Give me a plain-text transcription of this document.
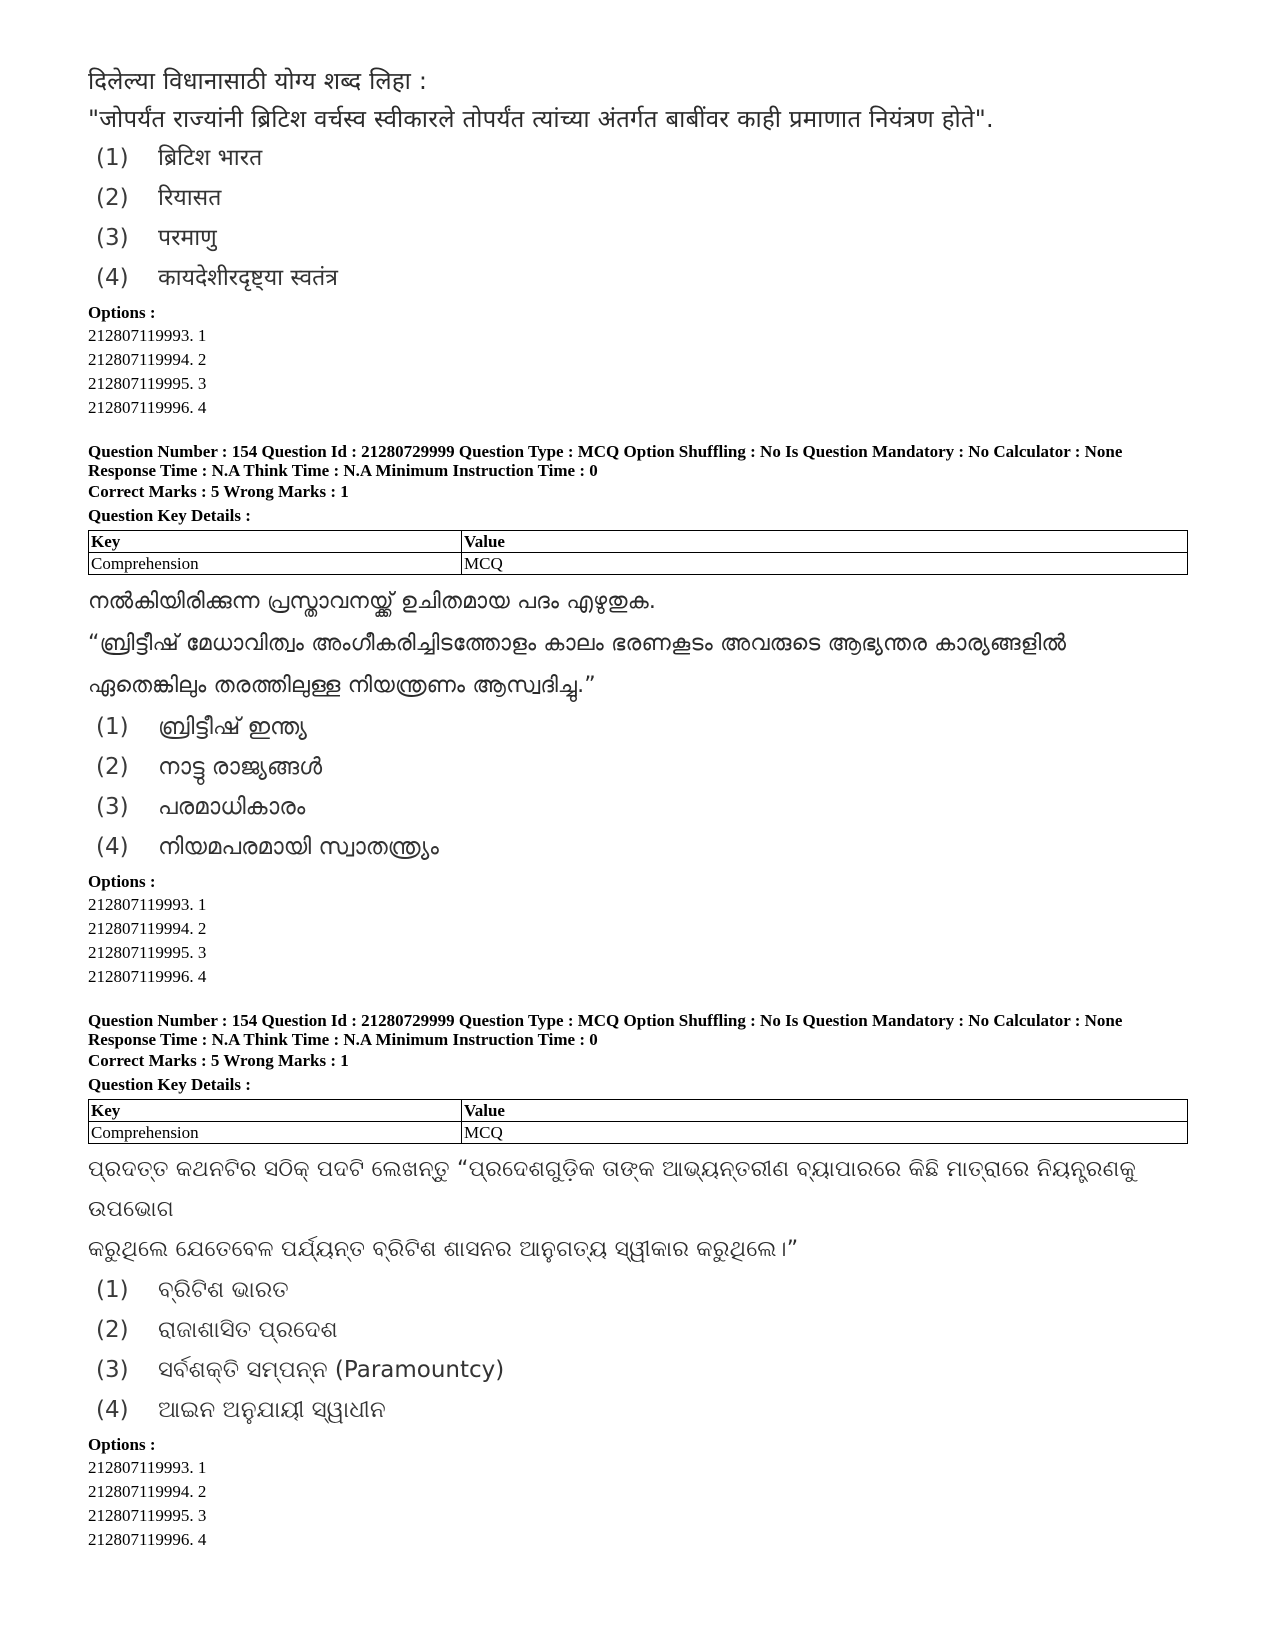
दिलेल्या विधानासाठी योग्य शब्द लिहा :
"जोपर्यंत राज्यांनी ब्रिटिश वर्चस्व स्वीकारले तोपर्यंत त्यांच्या अंतर्गत बाबींवर काही प्रमाणात नियंत्रण होते".
(1)	ब्रिटिश भारत
(2)	रियासत
(3)	परमाणु
(4)	कायदेशीरदृष्ट्या स्वतंत्र
Options :
212807119993. 1
212807119994. 2
212807119995. 3
212807119996. 4
Question Number : 154 Question Id : 21280729999 Question Type : MCQ Option Shuffling : No Is Question Mandatory : No Calculator : None
Response Time : N.A Think Time : N.A Minimum Instruction Time : 0
Correct Marks : 5 Wrong Marks : 1
Question Key Details :
Key	Value
Comprehension	MCQ
നൽകിയിരിക്കുന്ന പ്രസ്താവനയ്ക്ക് ഉചിതമായ പദം എഴുതുക.
“ബ്രിട്ടീഷ് മേധാവിത്വം അംഗീകരിച്ചിടത്തോളം കാലം ഭരണകൂടം അവരുടെ ആഭ്യന്തര കാര്യങ്ങളിൽ
ഏതെങ്കിലും തരത്തിലുള്ള നിയന്ത്രണം ആസ്വദിച്ചു.”
(1)	ബ്രിട്ടീഷ് ഇന്ത്യ
(2)	നാട്ടു രാജ്യങ്ങൾ
(3)	പരമാധികാരം
(4)	നിയമപരമായി സ്വാതന്ത്ര്യം
Options :
212807119993. 1
212807119994. 2
212807119995. 3
212807119996. 4
Question Number : 154 Question Id : 21280729999 Question Type : MCQ Option Shuffling : No Is Question Mandatory : No Calculator : None
Response Time : N.A Think Time : N.A Minimum Instruction Time : 0
Correct Marks : 5 Wrong Marks : 1
Question Key Details :
Key	Value
Comprehension	MCQ
ପ୍ରଦତ୍ତ କଥନଟିର ସଠିକ୍ ପଦଟି ଲେଖନ୍ତୁ “ପ୍ରଦେଶଗୁଡ଼ିକ ତାଙ୍କ ଆଭ୍ୟନ୍ତରୀଣ ବ୍ୟାପାରରେ କିଛି ମାତ୍ରାରେ ନିୟନ୍ତ୍ରଣକୁ ଉପଭୋଗ
କରୁଥିଲେ ଯେତେବେଳ ପର୍ଯ୍ୟନ୍ତ ବ୍ରିଟିଶ ଶାସନର ଆନୁଗତ୍ୟ ସ୍ୱୀକାର କରୁଥିଲେ।”
(1)	ବ୍ରିଟିଶ ଭାରତ
(2)	ରାଜାଶାସିତ ପ୍ରଦେଶ
(3)	ସର୍ବଶକ୍ତି ସମ୍ପନ୍ନ (Paramountcy)
(4)	ଆଇନ ଅନୁଯାୟୀ ସ୍ୱାଧୀନ
Options :
212807119993. 1
212807119994. 2
212807119995. 3
212807119996. 4
